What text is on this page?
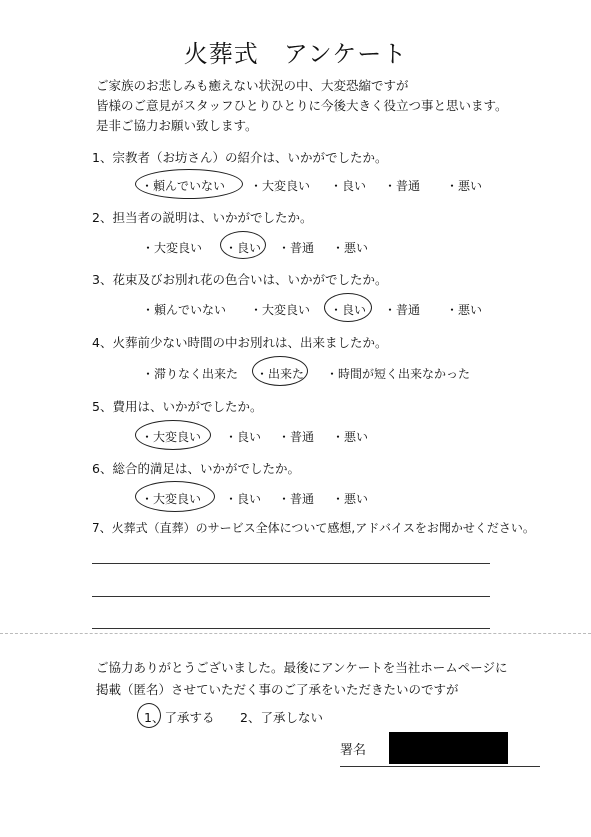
火葬式　アンケート
ご家族のお悲しみも癒えない状況の中、大変恐縮ですが
皆様のご意見がスタッフひとりひとりに今後大きく役立つ事と思います。
是非ご協力お願い致します。
1、宗教者（お坊さん）の紹介は、いかがでしたか。
・頼んでいない ・大変良い ・良い ・普通 ・悪い
2、担当者の説明は、いかがでしたか。
・大変良い ・良い ・普通 ・悪い
3、花束及びお別れ花の色合いは、いかがでしたか。
・頼んでいない ・大変良い ・良い ・普通 ・悪い
4、火葬前少ない時間の中お別れは、出来ましたか。
・滞りなく出来た ・出来た ・時間が短く出来なかった
5、費用は、いかがでしたか。
・大変良い ・良い ・普通 ・悪い
6、総合的満足は、いかがでしたか。
・大変良い ・良い ・普通 ・悪い
7、火葬式（直葬）のサービス全体について感想,アドバイスをお聞かせください。
ご協力ありがとうございました。最後にアンケートを当社ホームページに
掲載（匿名）させていただく事のご了承をいただきたいのですが
1、了承する 2、了承しない
署名
